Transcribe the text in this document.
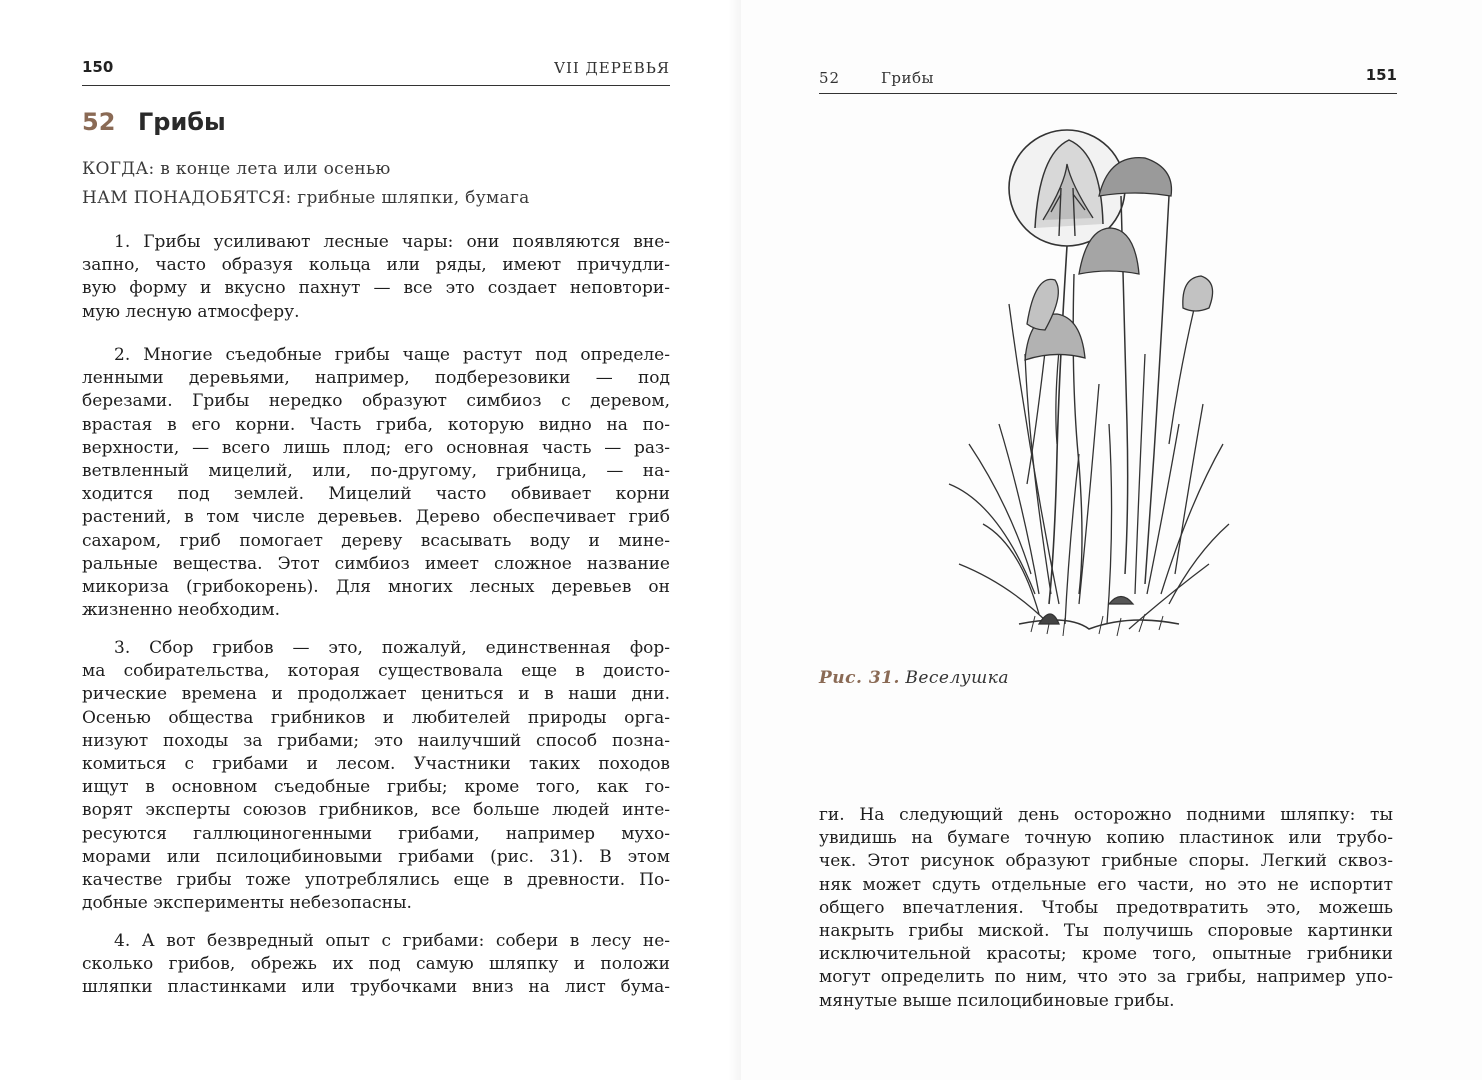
150	VII ДЕРЕВЬЯ
52 Грибы
КОГДА: в конце лета или осенью
НАМ ПОНАДОБЯТСЯ: грибные шляпки, бумага
1. Грибы усиливают лесные чары: они появляются вне-
запно, часто образуя кольца или ряды, имеют причудли-
вую форму и вкусно пахнут — все это создает неповтори-
мую лесную атмосферу.
2. Многие съедобные грибы чаще растут под определе-
ленными деревьями, например, подберезовики — под
березами. Грибы нередко образуют симбиоз с деревом,
врастая в его корни. Часть гриба, которую видно на по-
верхности, — всего лишь плод; его основная часть — раз-
ветвленный мицелий, или, по-другому, грибница, — на-
ходится под землей. Мицелий часто обвивает корни
растений, в том числе деревьев. Дерево обеспечивает гриб
сахаром, гриб помогает дереву всасывать воду и мине-
ральные вещества. Этот симбиоз имеет сложное название
микориза (грибокорень). Для многих лесных деревьев он
жизненно необходим.
3. Сбор грибов — это, пожалуй, единственная фор-
ма собирательства, которая существовала еще в доисто-
рические времена и продолжает цениться и в наши дни.
Осенью общества грибников и любителей природы орга-
низуют походы за грибами; это наилучший способ позна-
комиться с грибами и лесом. Участники таких походов
ищут в основном съедобные грибы; кроме того, как го-
ворят эксперты союзов грибников, все больше людей инте-
ресуются галлюциногенными грибами, например мухо-
морами или псилоцибиновыми грибами (рис. 31). В этом
качестве грибы тоже употреблялись еще в древности. По-
добные эксперименты небезопасны.
4. А вот безвредный опыт с грибами: собери в лесу не-
сколько грибов, обрежь их под самую шляпку и положи
шляпки пластинками или трубочками вниз на лист бума-
52	Грибы	151
Рис. 31. Веселушка
ги. На следующий день осторожно подними шляпку: ты
увидишь на бумаге точную копию пластинок или трубо-
чек. Этот рисунок образуют грибные споры. Легкий сквоз-
няк может сдуть отдельные его части, но это не испортит
общего впечатления. Чтобы предотвратить это, можешь
накрыть грибы миской. Ты получишь споровые картинки
исключительной красоты; кроме того, опытные грибники
могут определить по ним, что это за грибы, например упо-
мянутые выше псилоцибиновые грибы.
